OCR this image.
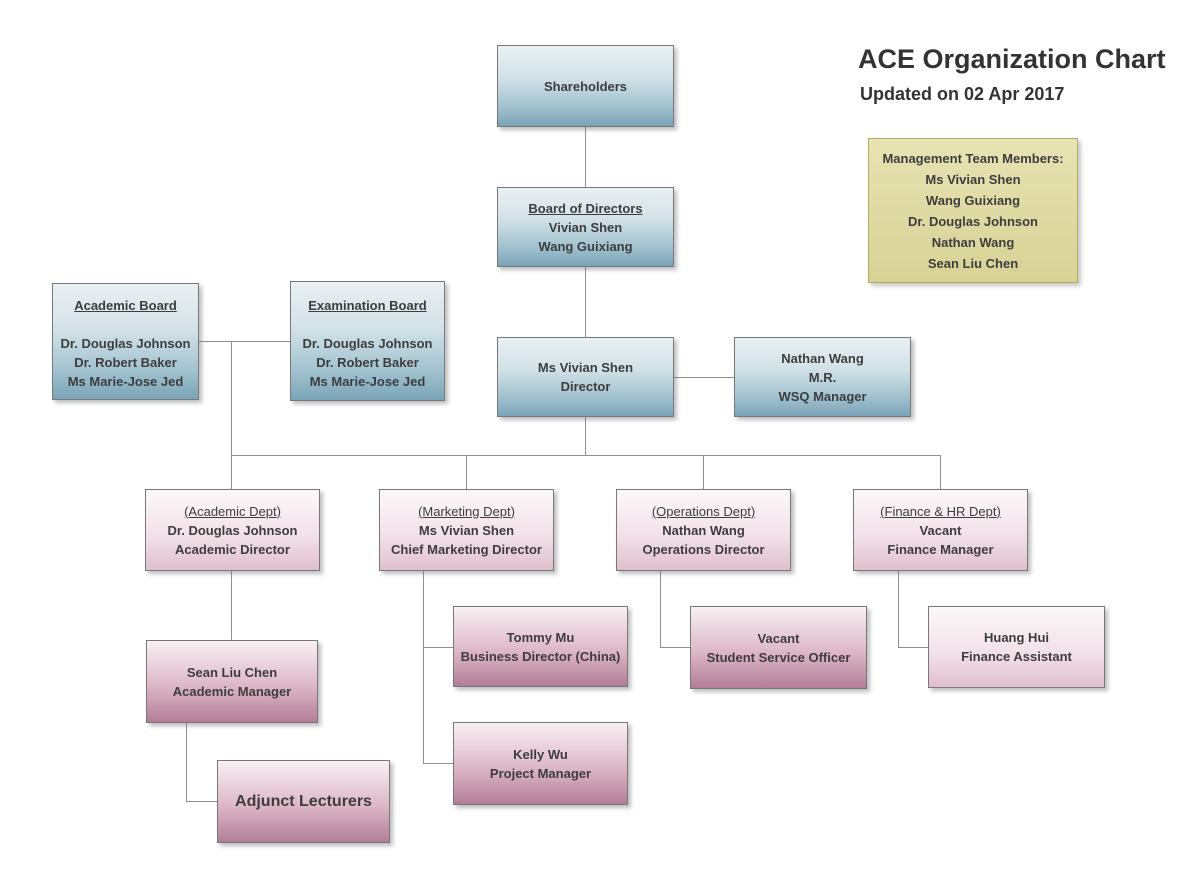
ACE Organization Chart
Updated on 02 Apr 2017
Management Team Members:
Ms Vivian Shen
Wang Guixiang
Dr. Douglas Johnson
Nathan Wang
Sean Liu Chen
Shareholders
Board of Directors
Vivian Shen
Wang Guixiang
Academic Board
Dr. Douglas Johnson
Dr. Robert Baker
Ms Marie-Jose Jed
Examination Board
Dr. Douglas Johnson
Dr. Robert Baker
Ms Marie-Jose Jed
Ms Vivian Shen
Director
Nathan Wang
M.R.
WSQ Manager
(Academic Dept)
Dr. Douglas Johnson
Academic Director
(Marketing Dept)
Ms Vivian Shen
Chief Marketing Director
(Operations Dept)
Nathan Wang
Operations Director
(Finance & HR Dept)
Vacant
Finance Manager
Sean Liu Chen
Academic Manager
Tommy Mu
Business Director (China)
Vacant
Student Service Officer
Huang Hui
Finance Assistant
Kelly Wu
Project Manager
Adjunct Lecturers
